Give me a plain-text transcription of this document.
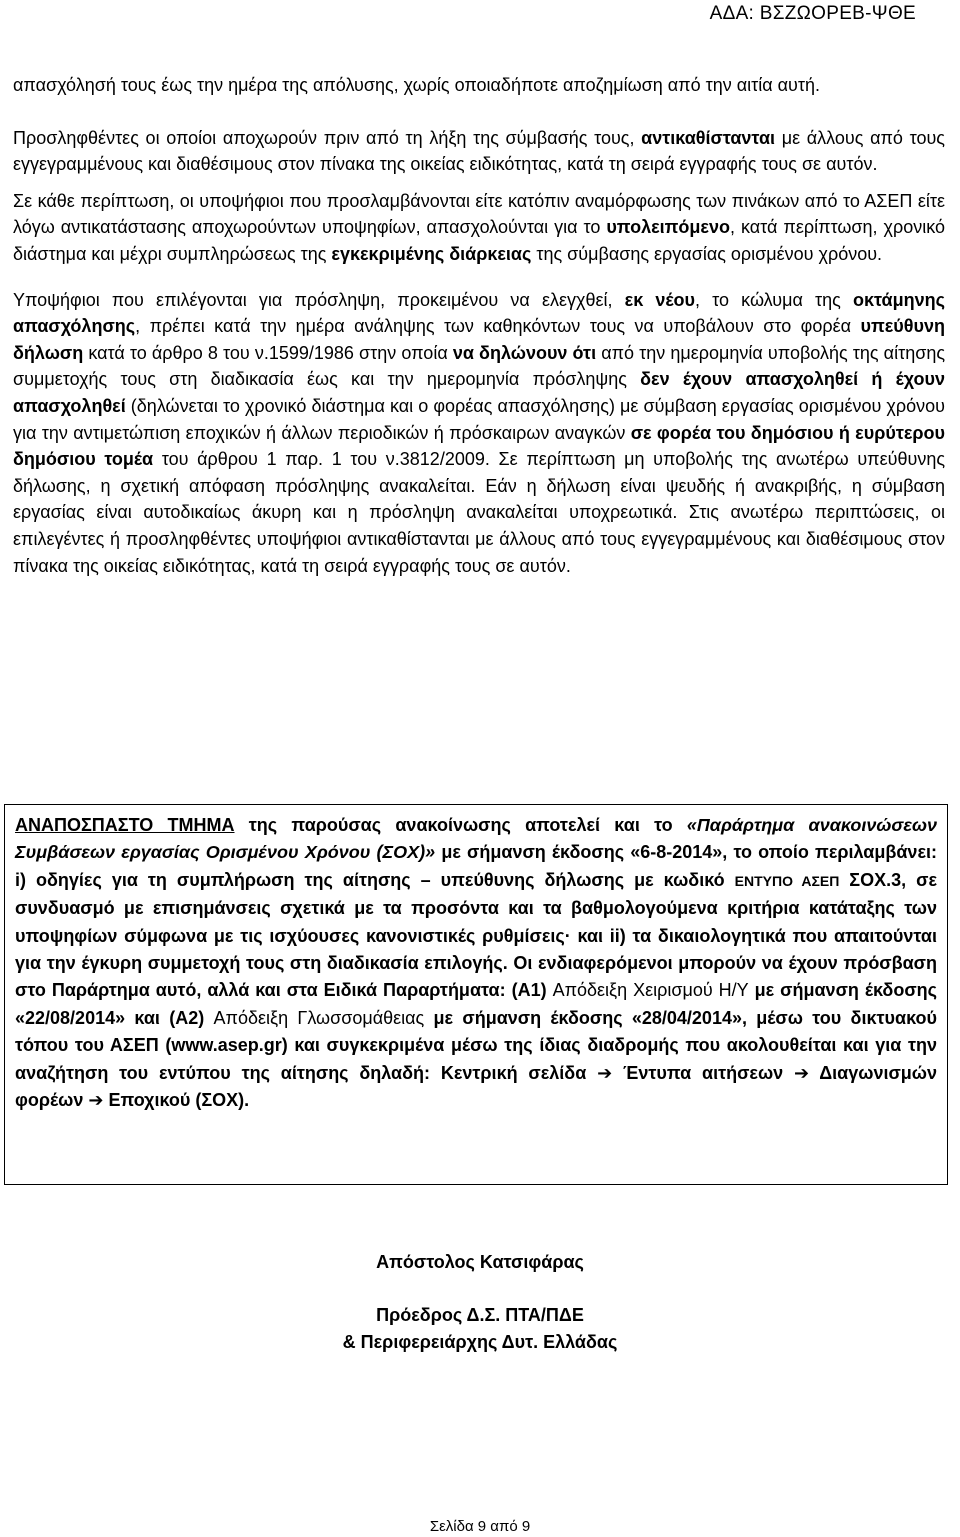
ΑΔΑ: ΒΣΖΩΟΡΕΒ-ΨΘΕ

απασχόλησή τους έως την ημέρα της απόλυσης, χωρίς οποιαδήποτε αποζημίωση από την αιτία αυτή.

Προσληφθέντες οι οποίοι αποχωρούν πριν από τη λήξη της σύμβασής τους, αντικαθίστανται με άλλους από τους εγγεγραμμένους και διαθέσιμους στον πίνακα της οικείας ειδικότητας, κατά τη σειρά εγγραφής τους σε αυτόν.

Σε κάθε περίπτωση, οι υποψήφιοι που προσλαμβάνονται είτε κατόπιν αναμόρφωσης των πινάκων από το ΑΣΕΠ είτε λόγω αντικατάστασης αποχωρούντων υποψηφίων, απασχολούνται για το υπολειπόμενο, κατά περίπτωση, χρονικό διάστημα και μέχρι συμπληρώσεως της εγκεκριμένης διάρκειας της σύμβασης εργασίας ορισμένου χρόνου.

Υποψήφιοι που επιλέγονται για πρόσληψη, προκειμένου να ελεγχθεί, εκ νέου, το κώλυμα της οκτάμηνης απασχόλησης, πρέπει κατά την ημέρα ανάληψης των καθηκόντων τους να υποβάλουν στο φορέα υπεύθυνη δήλωση κατά το άρθρο 8 του ν.1599/1986 στην οποία να δηλώνουν ότι από την ημερομηνία υποβολής της αίτησης συμμετοχής τους στη διαδικασία έως και την ημερομηνία πρόσληψης δεν έχουν απασχοληθεί ή έχουν απασχοληθεί (δηλώνεται το χρονικό διάστημα και ο φορέας απασχόλησης) με σύμβαση εργασίας ορισμένου χρόνου για την αντιμετώπιση εποχικών ή άλλων περιοδικών ή πρόσκαιρων αναγκών σε φορέα του δημόσιου ή ευρύτερου δημόσιου τομέα του άρθρου 1 παρ. 1 του ν.3812/2009. Σε περίπτωση μη υποβολής της ανωτέρω υπεύθυνης δήλωσης, η σχετική απόφαση πρόσληψης ανακαλείται. Εάν η δήλωση είναι ψευδής ή ανακριβής, η σύμβαση εργασίας είναι αυτοδικαίως άκυρη και η πρόσληψη ανακαλείται υποχρεωτικά. Στις ανωτέρω περιπτώσεις, οι επιλεγέντες ή προσληφθέντες υποψήφιοι αντικαθίστανται με άλλους από τους εγγεγραμμένους και διαθέσιμους στον πίνακα της οικείας ειδικότητας, κατά τη σειρά εγγραφής τους σε αυτόν.

ΑΝΑΠΟΣΠΑΣΤΟ ΤΜΗΜΑ της παρούσας ανακοίνωσης αποτελεί και το «Παράρτημα ανακοινώσεων Συμβάσεων εργασίας Ορισμένου Χρόνου (ΣΟΧ)» με σήμανση έκδοσης «6-8-2014», το οποίο περιλαμβάνει: i) οδηγίες για τη συμπλήρωση της αίτησης – υπεύθυνης δήλωσης με κωδικό ΕΝΤΥΠΟ ΑΣΕΠ ΣΟΧ.3, σε συνδυασμό με επισημάνσεις σχετικά με τα προσόντα και τα βαθμολογούμενα κριτήρια κατάταξης των υποψηφίων σύμφωνα με τις ισχύουσες κανονιστικές ρυθμίσεις· και ii) τα δικαιολογητικά που απαιτούνται για την έγκυρη συμμετοχή τους στη διαδικασία επιλογής. Οι ενδιαφερόμενοι μπορούν να έχουν πρόσβαση στο Παράρτημα αυτό, αλλά και στα Ειδικά Παραρτήματα: (Α1) Απόδειξη Χειρισμού Η/Υ με σήμανση έκδοσης «22/08/2014» και (Α2) Απόδειξη Γλωσσομάθειας με σήμανση έκδοσης «28/04/2014», μέσω του δικτυακού τόπου του ΑΣΕΠ (www.asep.gr) και συγκεκριμένα μέσω της ίδιας διαδρομής που ακολουθείται και για την αναζήτηση του εντύπου της αίτησης δηλαδή: Κεντρική σελίδα ➔ Έντυπα αιτήσεων ➔ Διαγωνισμών φορέων ➔ Εποχικού (ΣΟΧ).

Απόστολος Κατσιφάρας
Πρόεδρος Δ.Σ. ΠΤΑ/ΠΔΕ
& Περιφερειάρχης Δυτ. Ελλάδας
Σελίδα 9 από 9
